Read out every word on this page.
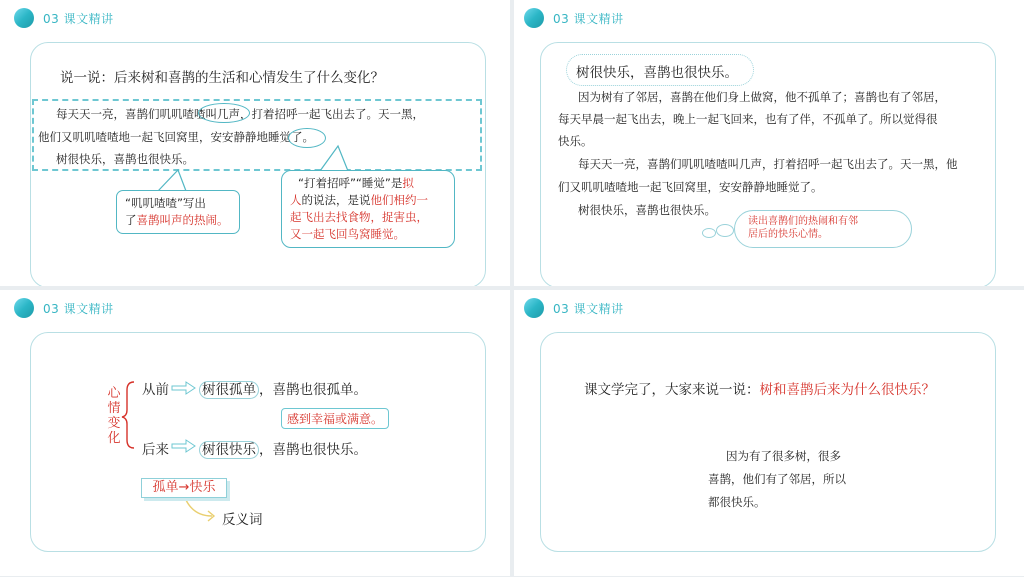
03 课文精讲
说一说：后来树和喜鹊的生活和心情发生了什么变化？
每天天一亮，喜鹊们叽叽喳喳叫几声，打着招呼一起飞出去了。天一黑，
他们又叽叽喳喳地一起飞回窝里，安安静静地睡觉了。
树很快乐，喜鹊也很快乐。
“叽叽喳喳”写出
了喜鹊叫声的热闹。
“打着招呼”“睡觉”是拟
人的说法，是说他们相约一
起飞出去找食物，捉害虫，
又一起飞回鸟窝睡觉。
03 课文精讲
树很快乐，喜鹊也很快乐。
因为树有了邻居，喜鹊在他们身上做窝，他不孤单了；喜鹊也有了邻居，
每天早晨一起飞出去，晚上一起飞回来，也有了伴，不孤单了。所以觉得很
快乐。
每天天一亮，喜鹊们叽叽喳喳叫几声，打着招呼一起飞出去了。天一黑，他
们又叽叽喳喳地一起飞回窝里，安安静静地睡觉了。
树很快乐，喜鹊也很快乐。
读出喜鹊们的热闹和有邻
居后的快乐心情。
03 课文精讲
心
情
变
化
从前 树很孤单 ，喜鹊也很孤单。
感到幸福或满意。
后来 树很快乐 ，喜鹊也很快乐。
孤单→快乐
反义词
03 课文精讲
课文学完了，大家来说一说：树和喜鹊后来为什么很快乐？
因为有了很多树，很多
喜鹊，他们有了邻居，所以
都很快乐。
